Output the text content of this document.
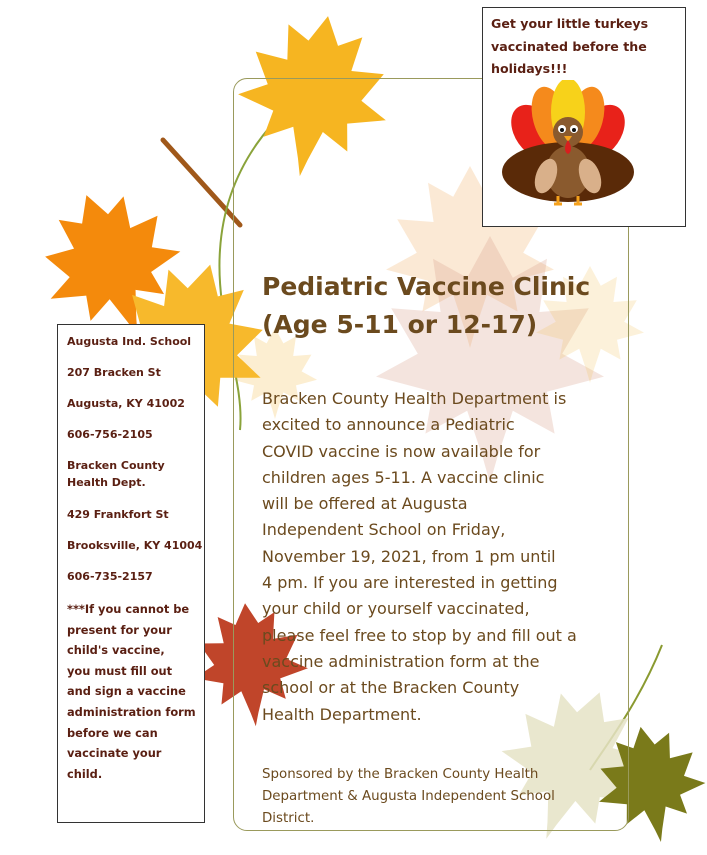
Pediatric Vaccine Clinic
(Age 5-11 or 12-17)
Bracken County Health Department is
excited to announce a Pediatric
COVID vaccine is now available for
children ages 5-11. A vaccine clinic
will be offered at Augusta
Independent School on Friday,
November 19, 2021, from 1 pm until
4 pm. If you are interested in getting
your child or yourself vaccinated,
please feel free to stop by and fill out a
vaccine administration form at the
school or at the Bracken County
Health Department.
Sponsored by the Bracken County Health
Department & Augusta Independent School
District.
Get your little turkeys
vaccinated before the
holidays!!!
Augusta Ind. School
207 Bracken St
Augusta, KY 41002
606-756-2105
Bracken County
Health Dept.
429 Frankfort St
Brooksville, KY 41004
606-735-2157
***If you cannot be
present for your
child's vaccine,
you must fill out
and sign a vaccine
administration form
before we can
vaccinate your
child.
